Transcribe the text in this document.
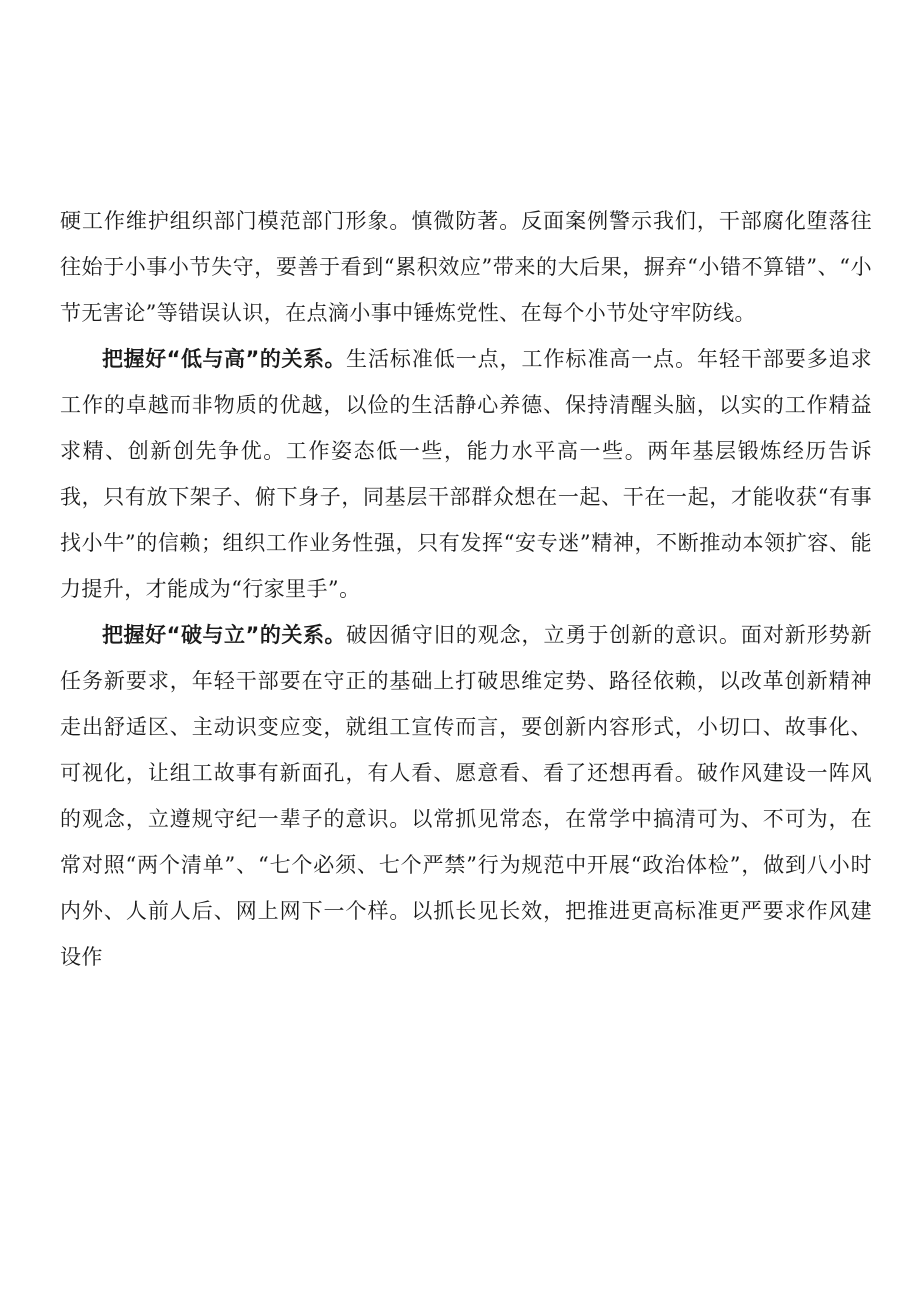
硬工作维护组织部门模范部门形象。慎微防著。反面案例警示我们，干部腐化堕落往往始于小事小节失守，要善于看到“累积效应”带来的大后果，摒弃“小错不算错”、“小节无害论”等错误认识，在点滴小事中锤炼党性、在每个小节处守牢防线。

把握好“低与高”的关系。生活标准低一点，工作标准高一点。年轻干部要多追求工作的卓越而非物质的优越，以俭的生活静心养德、保持清醒头脑，以实的工作精益求精、创新创先争优。工作姿态低一些，能力水平高一些。两年基层锻炼经历告诉我，只有放下架子、俯下身子，同基层干部群众想在一起、干在一起，才能收获“有事找小牛”的信赖；组织工作业务性强，只有发挥“安专迷”精神，不断推动本领扩容、能力提升，才能成为“行家里手”。

把握好“破与立”的关系。破因循守旧的观念，立勇于创新的意识。面对新形势新任务新要求，年轻干部要在守正的基础上打破思维定势、路径依赖，以改革创新精神走出舒适区、主动识变应变，就组工宣传而言，要创新内容形式，小切口、故事化、可视化，让组工故事有新面孔，有人看、愿意看、看了还想再看。破作风建设一阵风的观念，立遵规守纪一辈子的意识。以常抓见常态，在常学中搞清可为、不可为，在常对照“两个清单”、“七个必须、七个严禁”行为规范中开展“政治体检”，做到八小时内外、人前人后、网上网下一个样。以抓长见长效，把推进更高标准更严要求作风建设作
